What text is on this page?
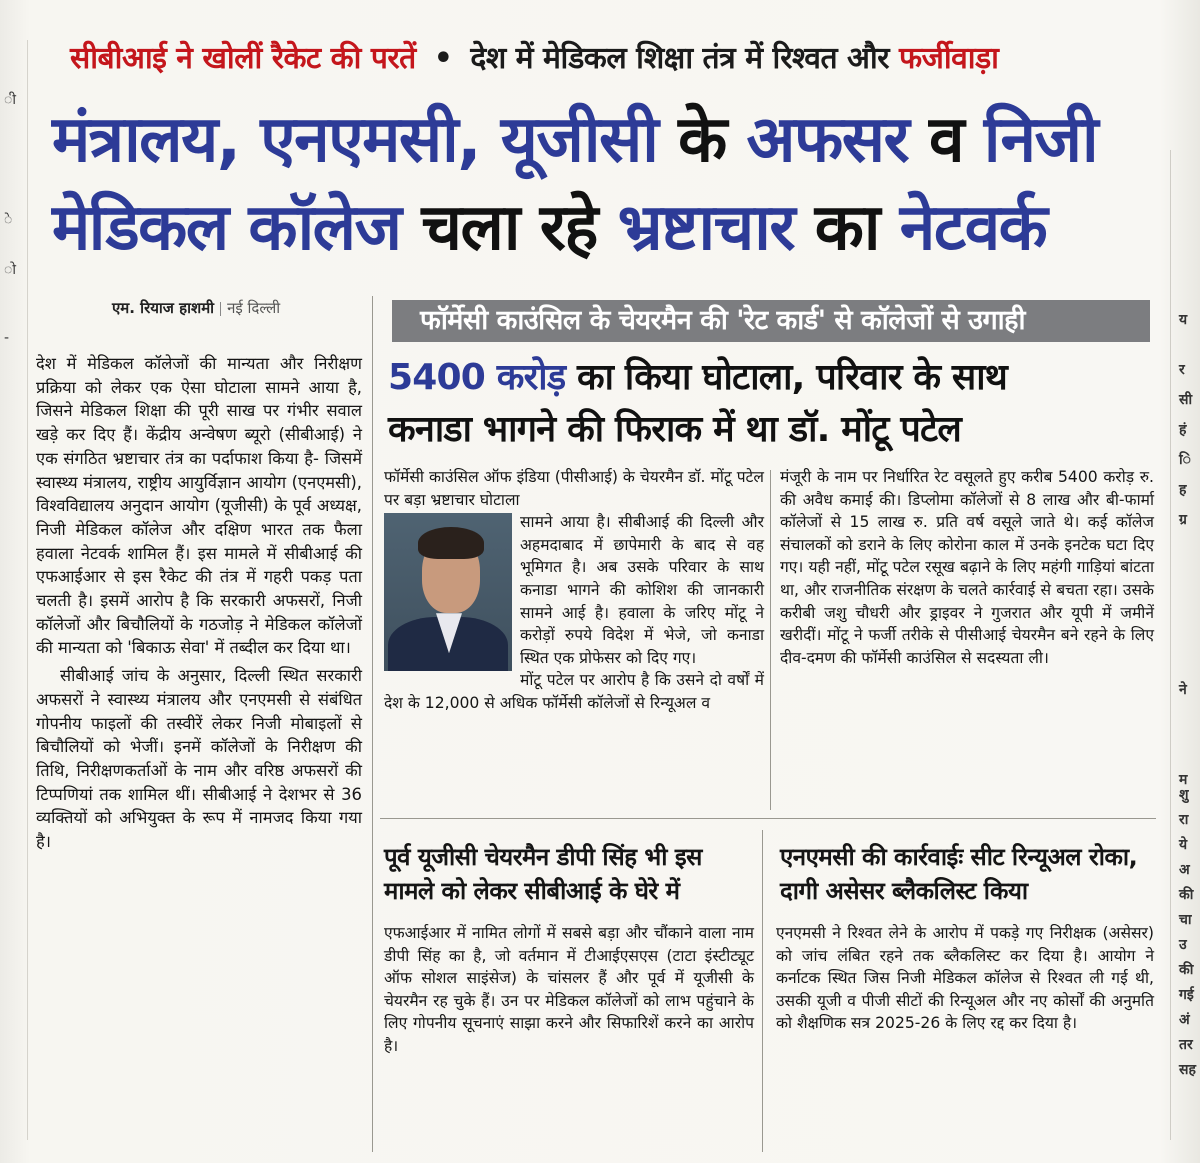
ी
े
ो
-
य
र
सी
हं
ि
ह
ग्र
ने
म
शु
रा
ये
अ
की
चा
उ
की
गई
अं
तर
सह
सीबीआई ने खोलीं रैकेट की परतें • देश में मेडिकल शिक्षा तंत्र में रिश्वत और फर्जीवाड़ा
मंत्रालय, एनएमसी, यूजीसी के अफसर व निजी
मेडिकल कॉलेज चला रहे भ्रष्टाचार का नेटवर्क
एम. रियाज हाशमी नई दिल्ली

देश में मेडिकल कॉलेजों की मान्यता और निरीक्षण प्रक्रिया को लेकर एक ऐसा घोटाला सामने आया है, जिसने मेडिकल शिक्षा की पूरी साख पर गंभीर सवाल खड़े कर दिए हैं। केंद्रीय अन्वेषण ब्यूरो (सीबीआई) ने एक संगठित भ्रष्टाचार तंत्र का पर्दाफाश किया है- जिसमें स्वास्थ्य मंत्रालय, राष्ट्रीय आयुर्विज्ञान आयोग (एनएमसी), विश्वविद्यालय अनुदान आयोग (यूजीसी) के पूर्व अध्यक्ष, निजी मेडिकल कॉलेज और दक्षिण भारत तक फैला हवाला नेटवर्क शामिल हैं। इस मामले में सीबीआई की एफआईआर से इस रैकेट की तंत्र में गहरी पकड़ पता चलती है। इसमें आरोप है कि सरकारी अफसरों, निजी कॉलेजों और बिचौलियों के गठजोड़ ने मेडिकल कॉलेजों की मान्यता को 'बिकाऊ सेवा' में तब्दील कर दिया था।

सीबीआई जांच के अनुसार, दिल्ली स्थित सरकारी अफसरों ने स्वास्थ्य मंत्रालय और एनएमसी से संबंधित गोपनीय फाइलों की तस्वीरें लेकर निजी मोबाइलों से बिचौलियों को भेजीं। इनमें कॉलेजों के निरीक्षण की तिथि, निरीक्षणकर्ताओं के नाम और वरिष्ठ अफसरों की टिप्पणियां तक शामिल थीं। सीबीआई ने देशभर से 36 व्यक्तियों को अभियुक्त के रूप में नामजद किया गया है।

फॉर्मेसी काउंसिल के चेयरमैन की 'रेट कार्ड' से कॉलेजों से उगाही
5400 करोड़ का किया घोटाला, परिवार के साथ
कनाडा भागने की फिराक में था डॉ. मोंटू पटेल
फॉर्मेसी काउंसिल ऑफ इंडिया (पीसीआई) के चेयरमैन डॉ. मोंटू पटेल पर बड़ा भ्रष्टाचार घोटाला
सामने आया है। सीबीआई की दिल्ली और अहमदाबाद में छापेमारी के बाद से वह भूमिगत है। अब उसके परिवार के साथ कनाडा भागने की कोशिश की जानकारी सामने आई है। हवाला के जरिए मोंटू ने करोड़ों रुपये विदेश में भेजे, जो कनाडा स्थित एक प्रोफेसर को दिए गए।
मोंटू पटेल पर आरोप है कि उसने दो वर्षों में देश के 12,000 से अधिक फॉर्मेसी कॉलेजों से रिन्यूअल व
मंजूरी के नाम पर निर्धारित रेट वसूलते हुए करीब 5400 करोड़ रु. की अवैध कमाई की। डिप्लोमा कॉलेजों से 8 लाख और बी-फार्मा कॉलेजों से 15 लाख रु. प्रति वर्ष वसूले जाते थे। कई कॉलेज संचालकों को डराने के लिए कोरोना काल में उनके इनटेक घटा दिए गए। यही नहीं, मोंटू पटेल रसूख बढ़ाने के लिए महंगी गाड़ियां बांटता था, और राजनीतिक संरक्षण के चलते कार्रवाई से बचता रहा। उसके करीबी जशु चौधरी और ड्राइवर ने गुजरात और यूपी में जमीनें खरीदीं। मोंटू ने फर्जी तरीके से पीसीआई चेयरमैन बने रहने के लिए दीव-दमण की फॉर्मेसी काउंसिल से सदस्यता ली।
पूर्व यूजीसी चेयरमैन डीपी सिंह भी इस मामले को लेकर सीबीआई के घेरे में
एफआईआर में नामित लोगों में सबसे बड़ा और चौंकाने वाला नाम डीपी सिंह का है, जो वर्तमान में टीआईएसएस (टाटा इंस्टीट्यूट ऑफ सोशल साइंसेज) के चांसलर हैं और पूर्व में यूजीसी के चेयरमैन रह चुके हैं। उन पर मेडिकल कॉलेजों को लाभ पहुंचाने के लिए गोपनीय सूचनाएं साझा करने और सिफारिशें करने का आरोप है।
एनएमसी की कार्रवाईः सीट रिन्यूअल रोका, दागी असेसर ब्लैकलिस्ट किया
एनएमसी ने रिश्वत लेने के आरोप में पकड़े गए निरीक्षक (असेसर) को जांच लंबित रहने तक ब्लैकलिस्ट कर दिया है। आयोग ने कर्नाटक स्थित जिस निजी मेडिकल कॉलेज से रिश्वत ली गई थी, उसकी यूजी व पीजी सीटों की रिन्यूअल और नए कोर्सों की अनुमति को शैक्षणिक सत्र 2025-26 के लिए रद्द कर दिया है।
